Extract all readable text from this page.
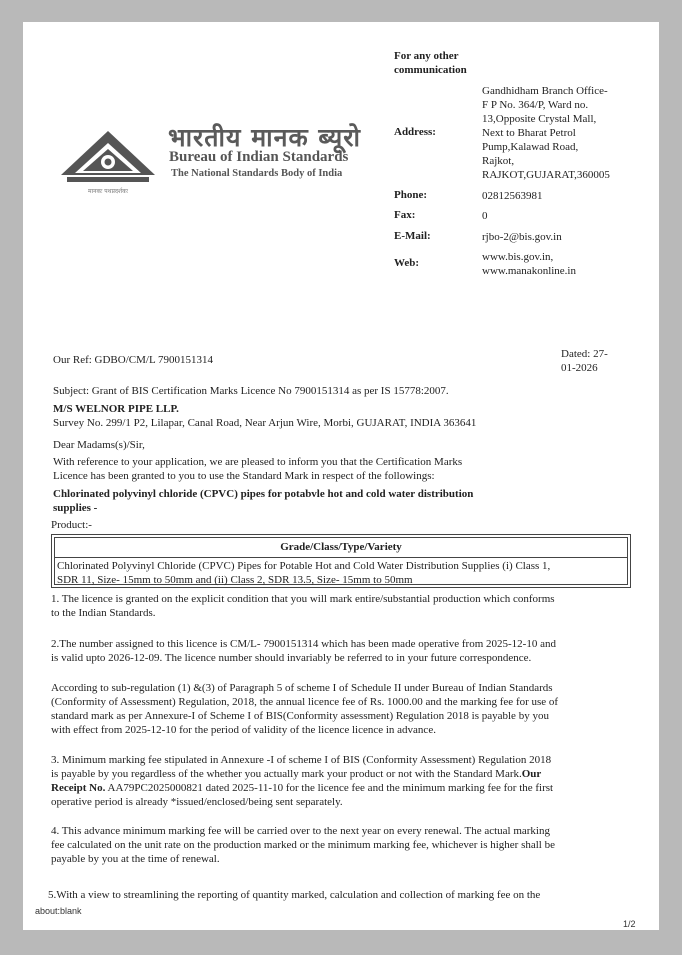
मानकः पथप्रदर्शकः
भारतीय मानक ब्यूरो
Bureau of Indian Standards
The National Standards Body of India
For any other
communication
Address:
Gandhidham Branch Office-
F P No. 364/P, Ward no.
13,Opposite Crystal Mall,
Next to Bharat Petrol
Pump,Kalawad Road,
Rajkot,
RAJKOT,GUJARAT,360005
Phone:	02812563981
Fax:	0
E-Mail:	rjbo-2@bis.gov.in
Web:	www.bis.gov.in,
www.manakonline.in
Our Ref: GDBO/CM/L 7900151314	Dated: 27-
01-2026
Subject: Grant of BIS Certification Marks Licence No 7900151314 as per IS 15778:2007.
M/S WELNOR PIPE LLP.
Survey No. 299/1 P2, Lilapar, Canal Road, Near Arjun Wire, Morbi, GUJARAT, INDIA 363641
Dear Madams(s)/Sir,
With reference to your application, we are pleased to inform you that the Certification Marks
Licence has been granted to you to use the Standard Mark in respect of the followings:
Chlorinated polyvinyl chloride (CPVC) pipes for potabvle hot and cold water distribution
supplies -
Product:-
Grade/Class/Type/Variety
Chlorinated Polyvinyl Chloride (CPVC) Pipes for Potable Hot and Cold Water Distribution Supplies (i) Class 1,
SDR 11, Size- 15mm to 50mm and (ii) Class 2, SDR 13.5, Size- 15mm to 50mm
1. The licence is granted on the explicit condition that you will mark entire/substantial production which conforms
to the Indian Standards.
2.The number assigned to this licence is CM/L- 7900151314 which has been made operative from 2025-12-10 and
is valid upto 2026-12-09. The licence number should invariably be referred to in your future correspondence.
According to sub-regulation (1) &(3) of Paragraph 5 of scheme I of Schedule II under Bureau of Indian Standards
(Conformity of Assessment) Regulation, 2018, the annual licence fee of Rs. 1000.00 and the marking fee for use of
standard mark as per Annexure-I of Scheme I of BIS(Conformity assessment) Regulation 2018 is payable by you
with effect from 2025-12-10 for the period of validity of the licence licence in advance.
3. Minimum marking fee stipulated in Annexure -I of scheme I of BIS (Conformity Assessment) Regulation 2018
is payable by you regardless of the whether you actually mark your product or not with the Standard Mark.Our
Receipt No. AA79PC2025000821 dated 2025-11-10 for the licence fee and the minimum marking fee for the first
operative period is already *issued/enclosed/being sent separately.
4. This advance minimum marking fee will be carried over to the next year on every renewal. The actual marking
fee calculated on the unit rate on the production marked or the minimum marking fee, whichever is higher shall be
payable by you at the time of renewal.
5.With a view to streamlining the reporting of quantity marked, calculation and collection of marking fee on the
about:blank
1/2
